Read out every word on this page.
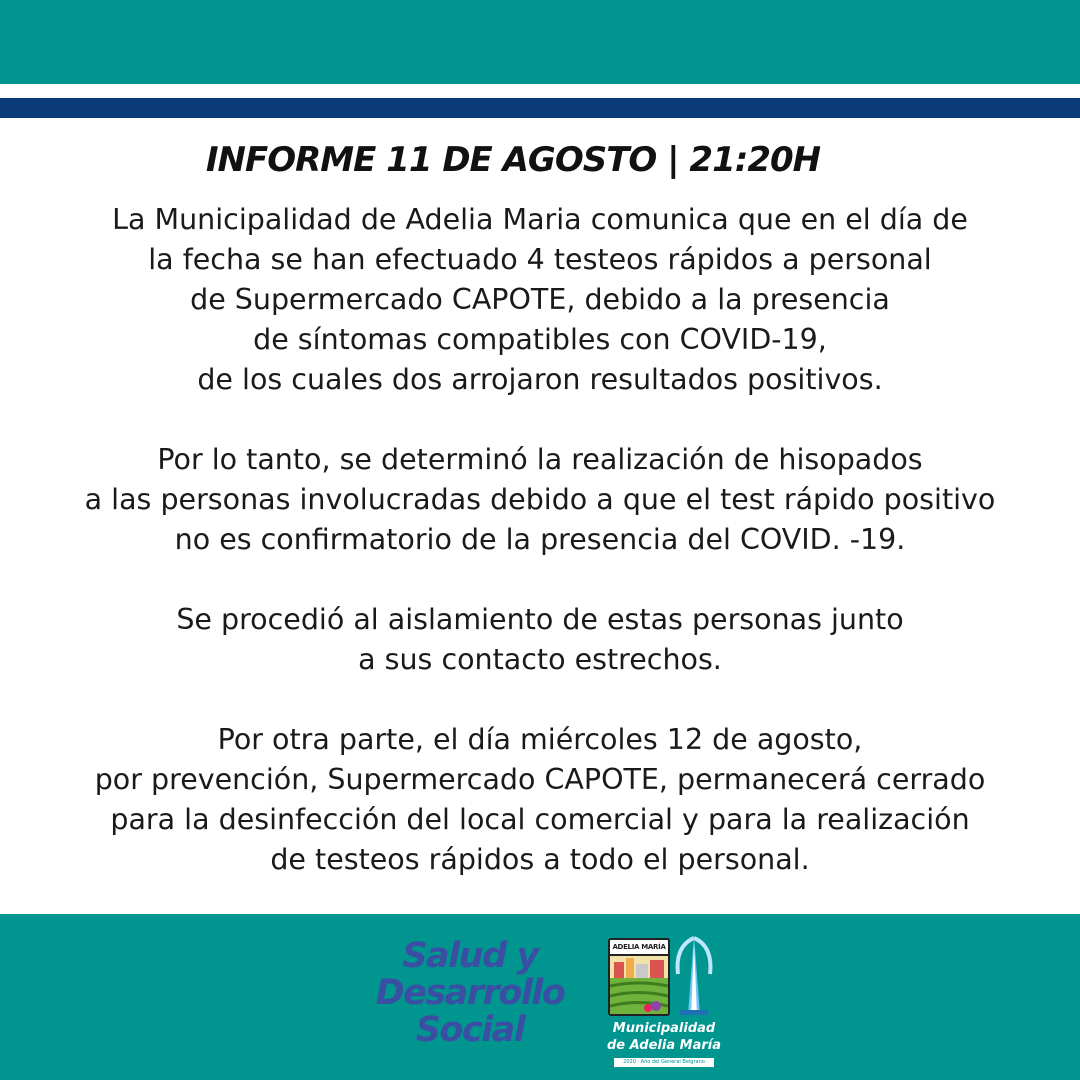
INFORME 11 DE AGOSTO | 21:20H

La Municipalidad de Adelia Maria comunica que en el día de
la fecha se han efectuado 4 testeos rápidos a personal
de Supermercado CAPOTE, debido a la presencia
de síntomas compatibles con COVID-19,
de los cuales dos arrojaron resultados positivos.

Por lo tanto, se determinó la realización de hisopados
a las personas involucradas debido a que el test rápido positivo
no es confirmatorio de la presencia del COVID. -19.

Se procedió al aislamiento de estas personas junto
a sus contacto estrechos.

Por otra parte, el día miércoles 12 de agosto,
por prevención, Supermercado CAPOTE, permanecerá cerrado
para la desinfección del local comercial y para la realización
de testeos rápidos a todo el personal.

Salud y
Desarrollo
Social
ADELIA MARÍA
Municipalidad
de Adelia María
2020 · Año del General Belgrano
